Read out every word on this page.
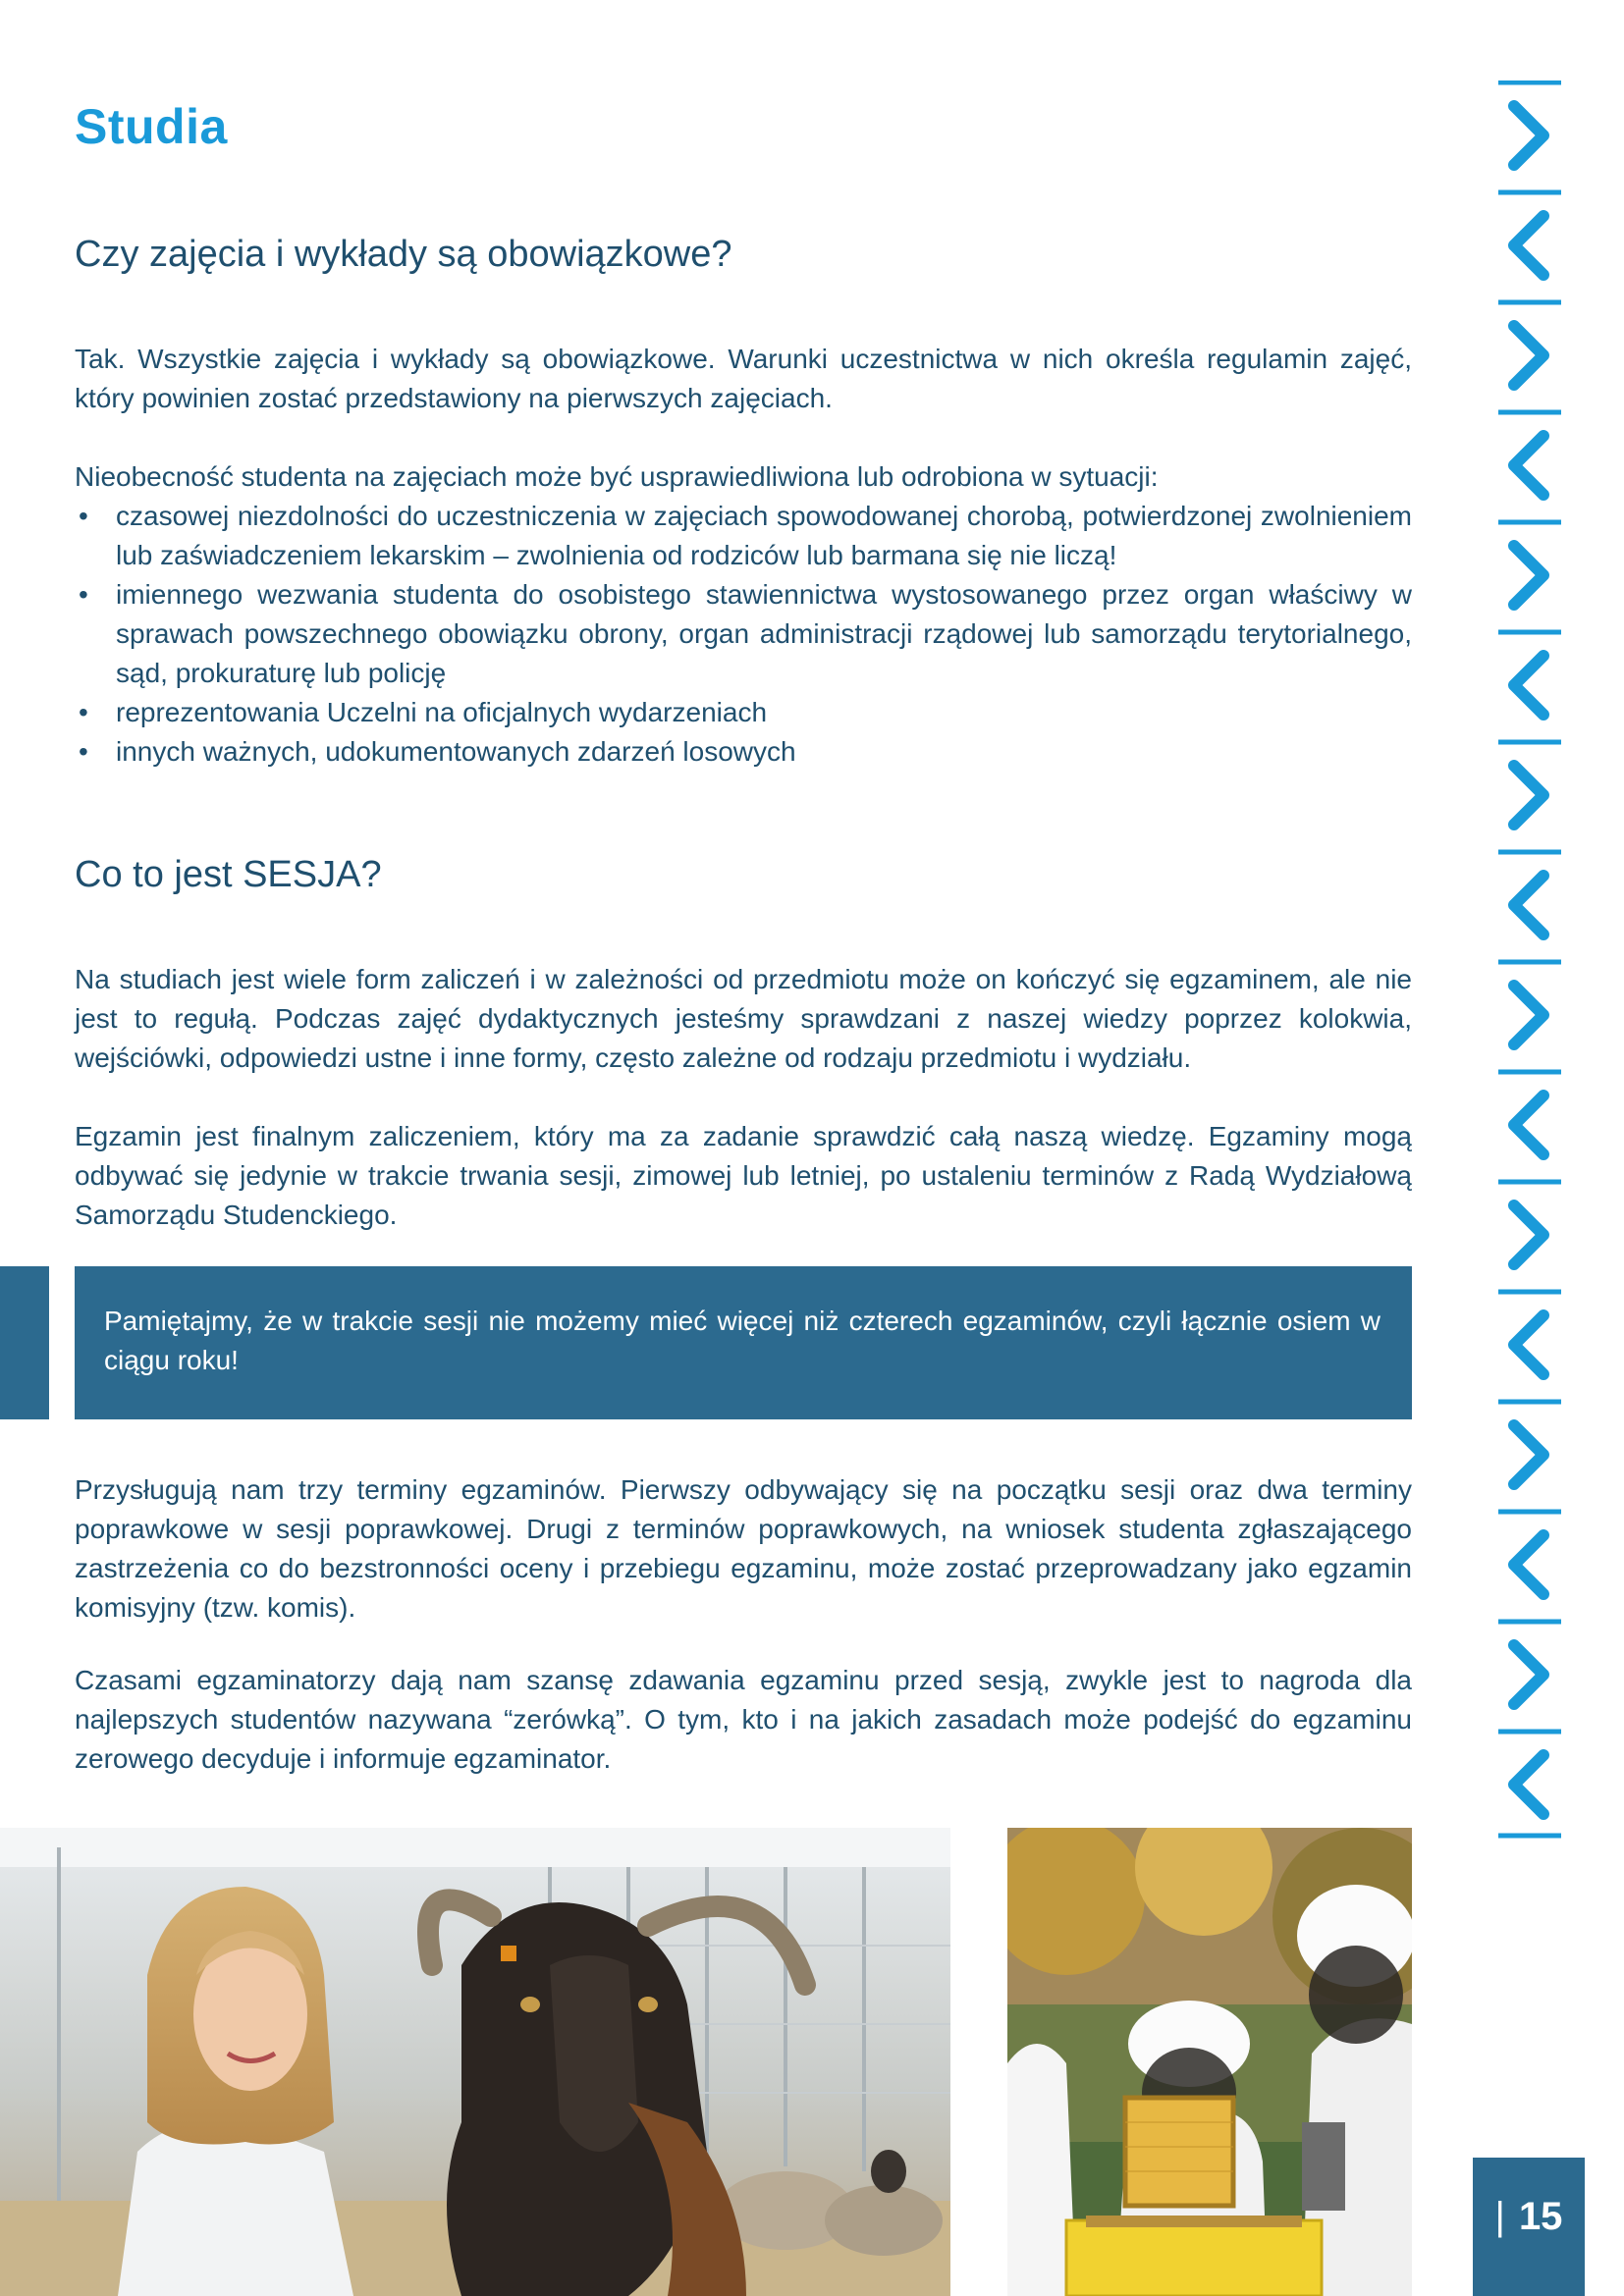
Studia
Czy zajęcia i wykłady są obowiązkowe?

Tak. Wszystkie zajęcia i wykłady są obowiązkowe. Warunki uczestnictwa w nich określa regulamin zajęć, który powinien zostać przedstawiony na pierwszych zajęciach.

Nieobecność studenta na zajęciach może być usprawiedliwiona lub odrobiona w sytuacji:

• czasowej niezdolności do uczestniczenia w zajęciach spowodowanej chorobą, potwierdzonej zwolnieniem lub zaświadczeniem lekarskim – zwolnienia od rodziców lub barmana się nie liczą!
• imiennego wezwania studenta do osobistego stawiennictwa wystosowanego przez organ właściwy w sprawach powszechnego obowiązku obrony, organ administracji rządowej lub samorządu terytorialnego, sąd, prokuraturę lub policję
• reprezentowania Uczelni na oficjalnych wydarzeniach
• innych ważnych, udokumentowanych zdarzeń losowych
Co to jest SESJA?

Na studiach jest wiele form zaliczeń i w zależności od przedmiotu może on kończyć się egzaminem, ale nie jest to regułą. Podczas zajęć dydaktycznych jesteśmy sprawdzani z naszej wiedzy poprzez kolokwia, wejściówki, odpowiedzi ustne i inne formy, często zależne od rodzaju przedmiotu i wydziału.

Egzamin jest finalnym zaliczeniem, który ma za zadanie sprawdzić całą naszą wiedzę. Egzaminy mogą odbywać się jedynie w trakcie trwania sesji, zimowej lub letniej, po ustaleniu terminów z Radą Wydziałową Samorządu Studenckiego.

Pamiętajmy, że w trakcie sesji nie możemy mieć więcej niż czterech egzaminów, czyli łącznie osiem w ciągu roku!

Przysługują nam trzy terminy egzaminów. Pierwszy odbywający się na początku sesji oraz dwa terminy poprawkowe w sesji poprawkowej. Drugi z terminów poprawkowych, na wniosek studenta zgłaszającego zastrzeżenia co do bezstronności oceny i przebiegu egzaminu, może zostać przeprowadzany jako egzamin komisyjny (tzw. komis).

Czasami egzaminatorzy dają nam szansę zdawania egzaminu przed sesją, zwykle jest to nagroda dla najlepszych studentów nazywana “zerówką”. O tym, kto i na jakich zasadach może podejść do egzaminu zerowego decyduje i informuje egzaminator.

| 15
